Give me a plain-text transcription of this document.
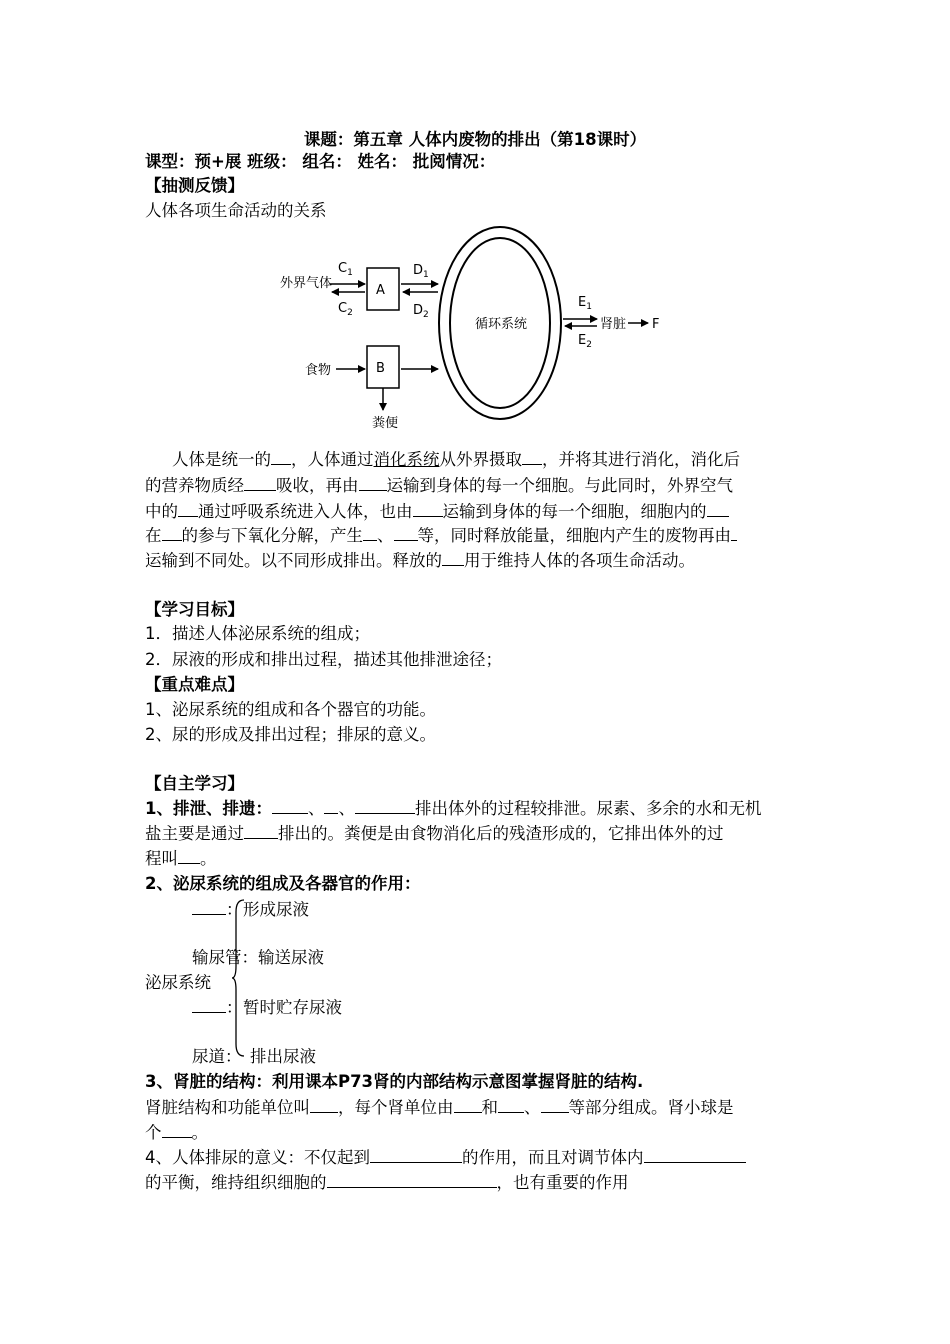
课题：第五章 人体内废物的排出（第18课时）
课型：预+展 班级： 组名： 姓名： 批阅情况：
【抽测反馈】
人体各项生命活动的关系
外界气体
$C_1$
$C_2$
A
$D_1$
$D_2$
食物	B
粪便
循环系统
$E_1$
$E_2$
肾脏 F
人体是统一的 ，人体通过消化系统从外界摄取 ，并将其进行消化，消化后
的营养物质经 吸收，再由 运输到身体的每一个细胞。与此同时，外界空气
中的 通过呼吸系统进入人体，也由 运输到身体的每一个细胞，细胞内的
在 的参与下氧化分解，产生 、 等，同时释放能量，细胞内产生的废物再由
运输到不同处。以不同形成排出。释放的 用于维持人体的各项生命活动。
【学习目标】
1．描述人体泌尿系统的组成；
2．尿液的形成和排出过程，描述其他排泄途径；
【重点难点】
1、泌尿系统的组成和各个器官的功能。
2、尿的形成及排出过程；排尿的意义。
【自主学习】
1、排泄、排遗： 、 、	排出体外的过程较排泄。尿素、多余的水和无机
盐主要是通过 排出的。粪便是由食物消化后的残渣形成的，它排出体外的过
程叫 。
2、泌尿系统的组成及各器官的作用：
： 形成尿液
输尿管：输送尿液
泌尿系统
： 暂时贮存尿液
尿道： 排出尿液
3、肾脏的结构：利用课本P73肾的内部结构示意图掌握肾脏的结构.
肾脏结构和功能单位叫 ，每个肾单位由 和 、 等部分组成。肾小球是
个 。
4、人体排尿的意义：不仅起到	的作用，而且对调节体内
的平衡，维持组织细胞的	，也有重要的作用
